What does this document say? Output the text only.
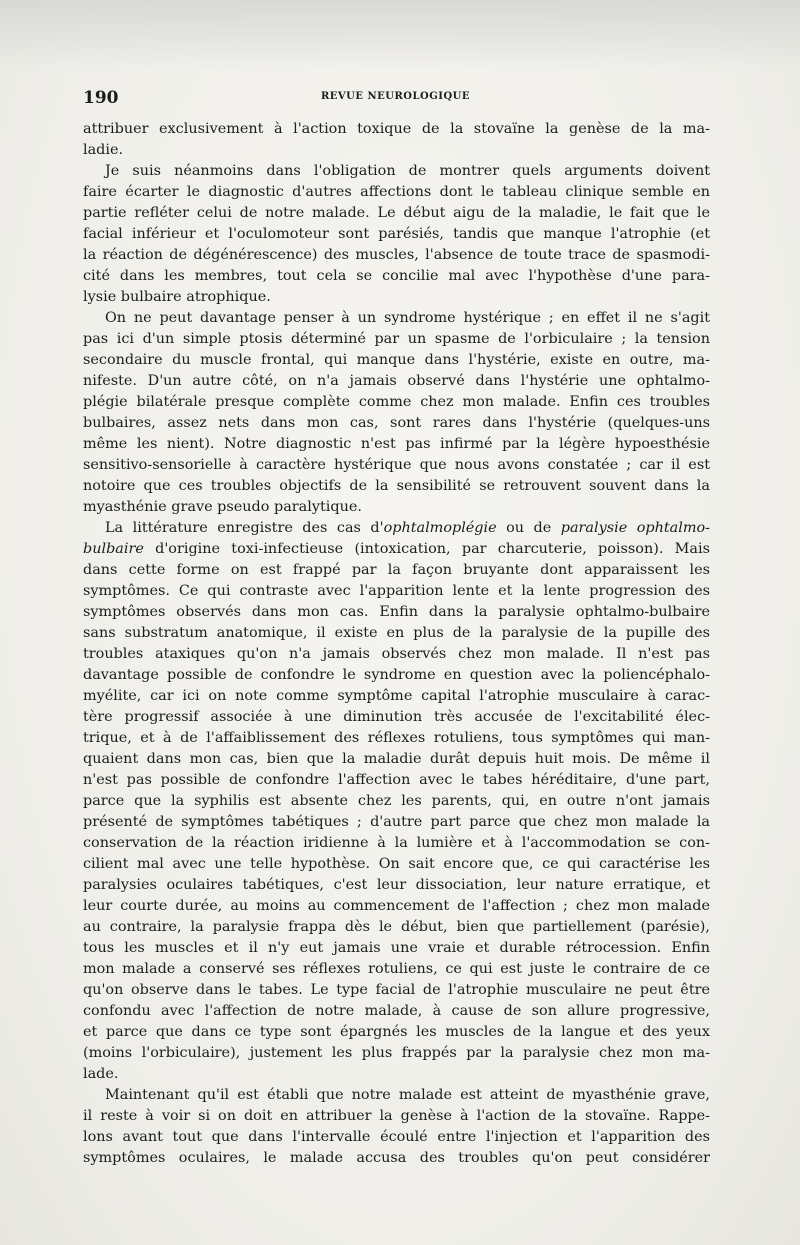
190	REVUE NEUROLOGIQUE
attribuer exclusivement à l'action toxique de la stovaïne la genèse de la ma-
ladie.
Je suis néanmoins dans l'obligation de montrer quels arguments doivent
faire écarter le diagnostic d'autres affections dont le tableau clinique semble en
partie refléter celui de notre malade. Le début aigu de la maladie, le fait que le
facial inférieur et l'oculomoteur sont parésiés, tandis que manque l'atrophie (et
la réaction de dégénérescence) des muscles, l'absence de toute trace de spasmodi-
cité dans les membres, tout cela se concilie mal avec l'hypothèse d'une para-
lysie bulbaire atrophique.
On ne peut davantage penser à un syndrome hystérique ; en effet il ne s'agit
pas ici d'un simple ptosis déterminé par un spasme de l'orbiculaire ; la tension
secondaire du muscle frontal, qui manque dans l'hystérie, existe en outre, ma-
nifeste. D'un autre côté, on n'a jamais observé dans l'hystérie une ophtalmo-
plégie bilatérale presque complète comme chez mon malade. Enfin ces troubles
bulbaires, assez nets dans mon cas, sont rares dans l'hystérie (quelques-uns
même les nient). Notre diagnostic n'est pas infirmé par la légère hypoesthésie
sensitivo-sensorielle à caractère hystérique que nous avons constatée ; car il est
notoire que ces troubles objectifs de la sensibilité se retrouvent souvent dans la
myasthénie grave pseudo paralytique.
La littérature enregistre des cas d'ophtalmoplégie ou de paralysie ophtalmo-
bulbaire d'origine toxi-infectieuse (intoxication, par charcuterie, poisson). Mais
dans cette forme on est frappé par la façon bruyante dont apparaissent les
symptômes. Ce qui contraste avec l'apparition lente et la lente progression des
symptômes observés dans mon cas. Enfin dans la paralysie ophtalmo-bulbaire
sans substratum anatomique, il existe en plus de la paralysie de la pupille des
troubles ataxiques qu'on n'a jamais observés chez mon malade. Il n'est pas
davantage possible de confondre le syndrome en question avec la poliencéphalo-
myélite, car ici on note comme symptôme capital l'atrophie musculaire à carac-
tère progressif associée à une diminution très accusée de l'excitabilité élec-
trique, et à de l'affaiblissement des réflexes rotuliens, tous symptômes qui man-
quaient dans mon cas, bien que la maladie durât depuis huit mois. De même il
n'est pas possible de confondre l'affection avec le tabes héréditaire, d'une part,
parce que la syphilis est absente chez les parents, qui, en outre n'ont jamais
présenté de symptômes tabétiques ; d'autre part parce que chez mon malade la
conservation de la réaction iridienne à la lumière et à l'accommodation se con-
cilient mal avec une telle hypothèse. On sait encore que, ce qui caractérise les
paralysies oculaires tabétiques, c'est leur dissociation, leur nature erratique, et
leur courte durée, au moins au commencement de l'affection ; chez mon malade
au contraire, la paralysie frappa dès le début, bien que partiellement (parésie),
tous les muscles et il n'y eut jamais une vraie et durable rétrocession. Enfin
mon malade a conservé ses réflexes rotuliens, ce qui est juste le contraire de ce
qu'on observe dans le tabes. Le type facial de l'atrophie musculaire ne peut être
confondu avec l'affection de notre malade, à cause de son allure progressive,
et parce que dans ce type sont épargnés les muscles de la langue et des yeux
(moins l'orbiculaire), justement les plus frappés par la paralysie chez mon ma-
lade.
Maintenant qu'il est établi que notre malade est atteint de myasthénie grave,
il reste à voir si on doit en attribuer la genèse à l'action de la stovaïne. Rappe-
lons avant tout que dans l'intervalle écoulé entre l'injection et l'apparition des
symptômes oculaires, le malade accusa des troubles qu'on peut considérer
